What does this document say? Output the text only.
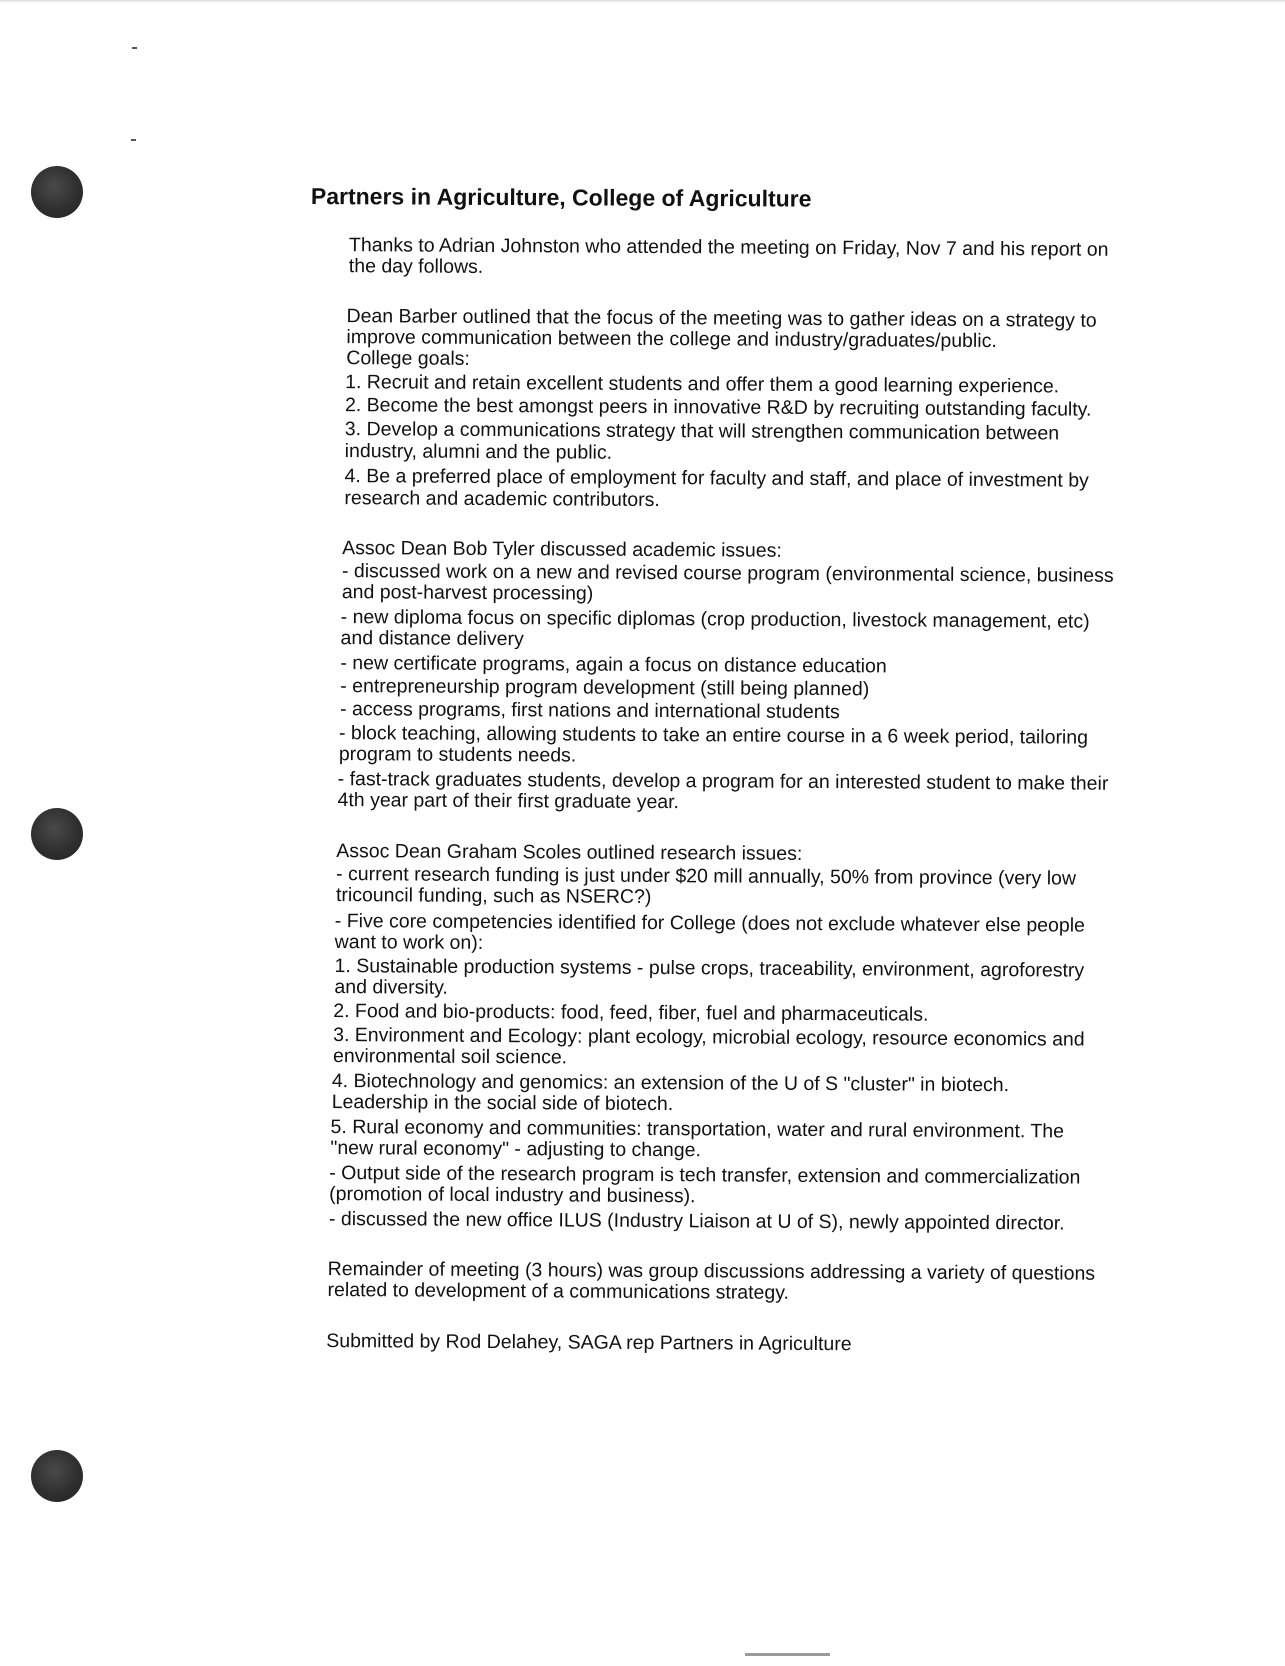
Partners in Agriculture, College of Agriculture

Thanks to Adrian Johnston who attended the meeting on Friday, Nov 7 and his report on

the day follows.

Dean Barber outlined that the focus of the meeting was to gather ideas on a strategy to

improve communication between the college and industry/graduates/public.

College goals:

1. Recruit and retain excellent students and offer them a good learning experience.

2. Become the best amongst peers in innovative R&D by recruiting outstanding faculty.

3. Develop a communications strategy that will strengthen communication between

industry, alumni and the public.

4. Be a preferred place of employment for faculty and staff, and place of investment by

research and academic contributors.

Assoc Dean Bob Tyler discussed academic issues:

- discussed work on a new and revised course program (environmental science, business

and post-harvest processing)

- new diploma focus on specific diplomas (crop production, livestock management, etc)

and distance delivery

- new certificate programs, again a focus on distance education

- entrepreneurship program development (still being planned)

- access programs, first nations and international students

- block teaching, allowing students to take an entire course in a 6 week period, tailoring

program to students needs.

- fast-track graduates students, develop a program for an interested student to make their

4th year part of their first graduate year.

Assoc Dean Graham Scoles outlined research issues:

- current research funding is just under $20 mill annually, 50% from province (very low

tricouncil funding, such as NSERC?)

- Five core competencies identified for College (does not exclude whatever else people

want to work on):

1. Sustainable production systems - pulse crops, traceability, environment, agroforestry

and diversity.

2. Food and bio-products: food, feed, fiber, fuel and pharmaceuticals.

3. Environment and Ecology: plant ecology, microbial ecology, resource economics and

environmental soil science.

4. Biotechnology and genomics: an extension of the U of S "cluster" in biotech.

Leadership in the social side of biotech.

5. Rural economy and communities: transportation, water and rural environment. The

"new rural economy" - adjusting to change.

- Output side of the research program is tech transfer, extension and commercialization

(promotion of local industry and business).

- discussed the new office ILUS (Industry Liaison at U of S), newly appointed director.

Remainder of meeting (3 hours) was group discussions addressing a variety of questions

related to development of a communications strategy.

Submitted by Rod Delahey, SAGA rep Partners in Agriculture
